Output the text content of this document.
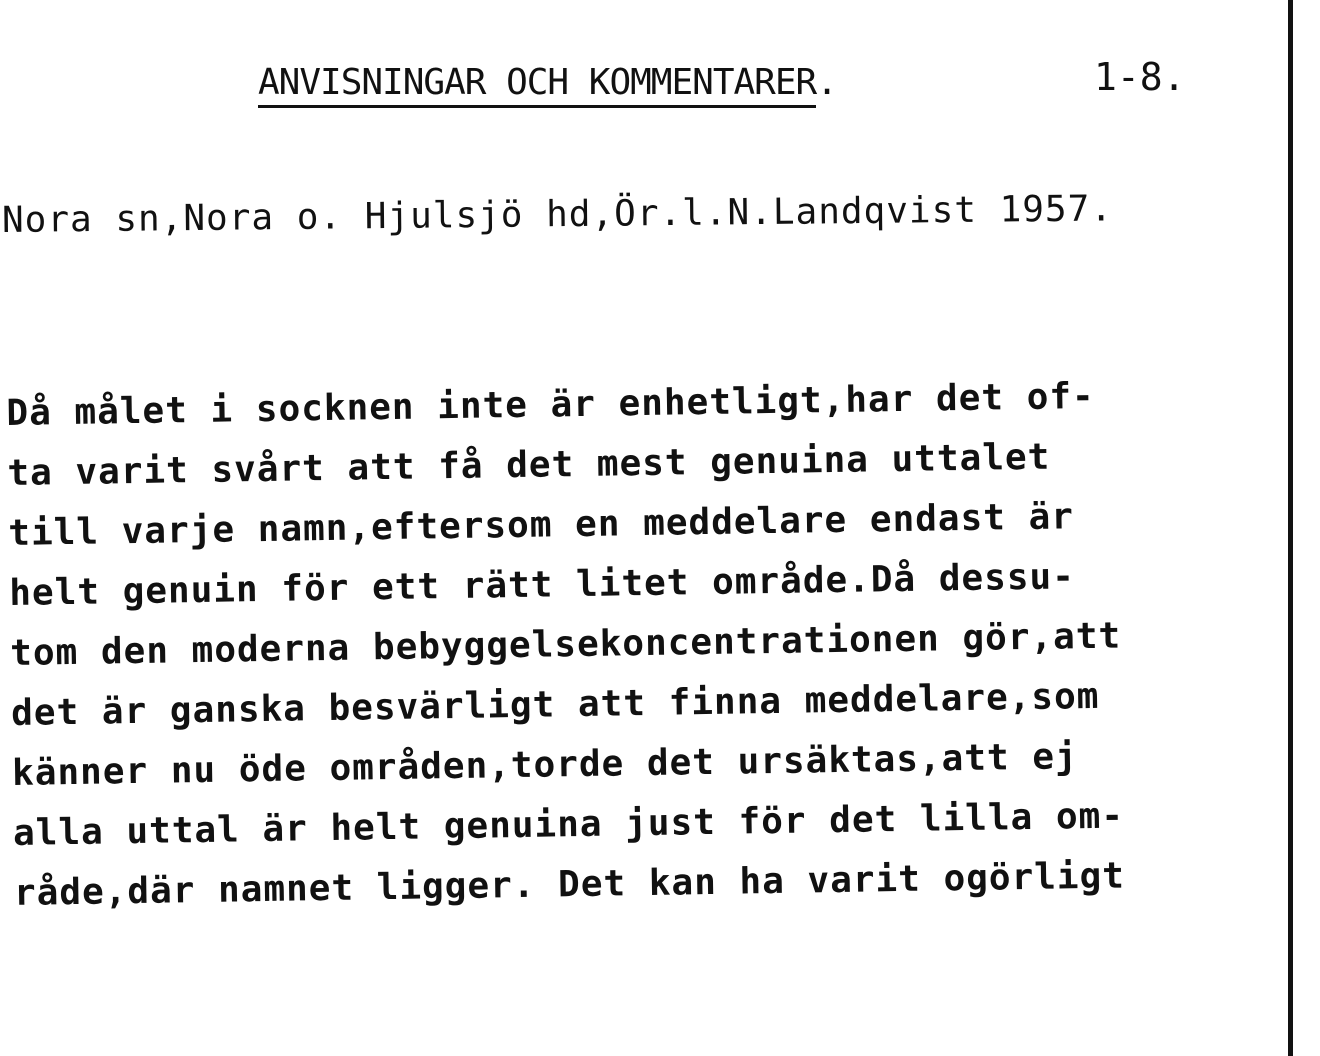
ANVISNINGAR OCH KOMMENTARER.	1-8.
Nora sn,Nora o. Hjulsjö hd,Ör.l.N.Landqvist 1957.
Då målet i socknen inte är enhetligt,har det of-
ta varit svårt att få det mest genuina uttalet
till varje namn,eftersom en meddelare endast är
helt genuin för ett rätt litet område.Då dessu-
tom den moderna bebyggelsekoncentrationen gör,att
det är ganska besvärligt att finna meddelare,som
känner nu öde områden,torde det ursäktas,att ej
alla uttal är helt genuina just för det lilla om-
råde,där namnet ligger. Det kan ha varit ogörligt
